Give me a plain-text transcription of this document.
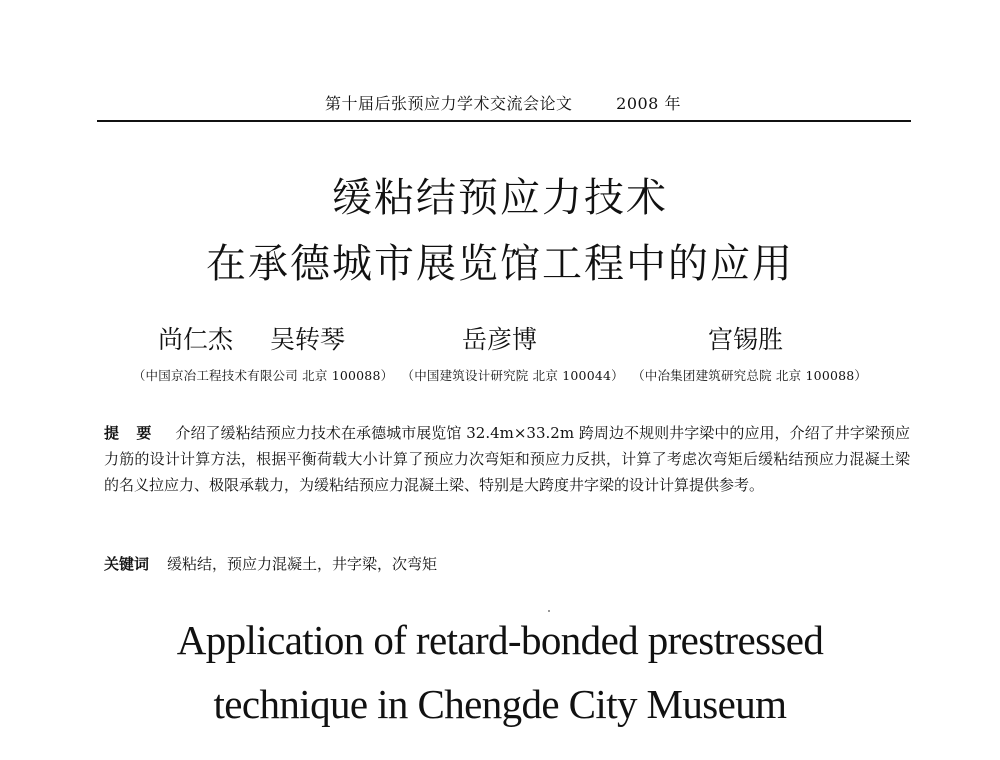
第十届后张预应力学术交流会论文	2008 年
缓粘结预应力技术
在承德城市展览馆工程中的应用
尚仁杰 吴转琴	岳彦博	宫锡胜
（中国京冶工程技术有限公司 北京 100088） （中国建筑设计研究院 北京 100044） （中冶集团建筑研究总院 北京 100088）
提 要 介绍了缓粘结预应力技术在承德城市展览馆 32.4m×33.2m 跨周边不规则井字梁中的应用，介绍了井字梁预应力筋的设计计算方法，根据平衡荷载大小计算了预应力次弯矩和预应力反拱，计算了考虑次弯矩后缓粘结预应力混凝土梁的名义拉应力、极限承载力，为缓粘结预应力混凝土梁、特别是大跨度井字梁的设计计算提供参考。
关键词 缓粘结，预应力混凝土，井字梁，次弯矩
Application of retard-bonded prestressed
technique in Chengde City Museum
